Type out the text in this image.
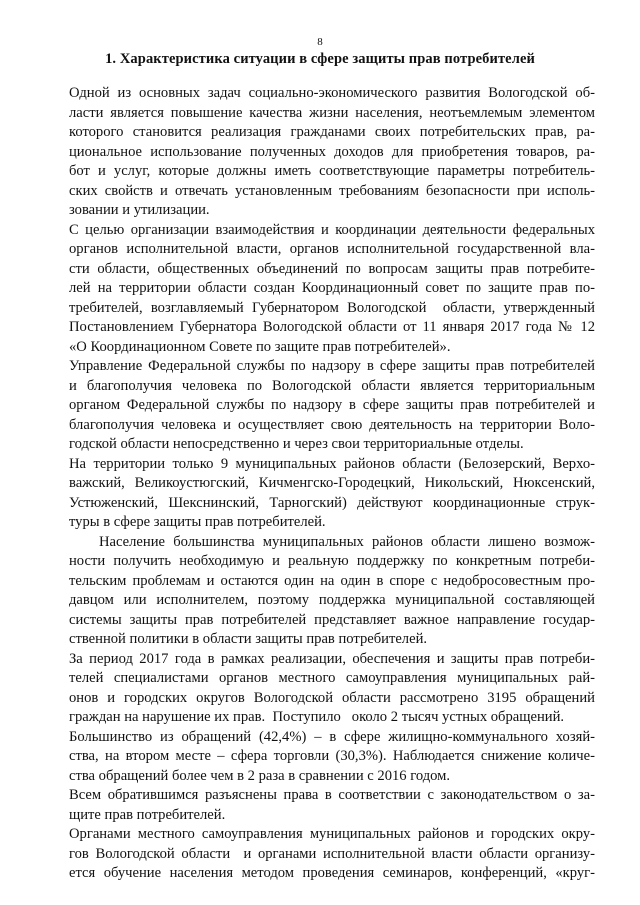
8
1. Характеристика ситуации в сфере защиты прав потребителей
Одной из основных задач социально-экономического развития Вологодской об-
ласти является повышение качества жизни населения, неотъемлемым элементом
которого становится реализация гражданами своих потребительских прав, ра-
циональное использование полученных доходов для приобретения товаров, ра-
бот и услуг, которые должны иметь соответствующие параметры потребитель-
ских свойств и отвечать установленным требованиям безопасности при исполь-
зовании и утилизации.
С целью организации взаимодействия и координации деятельности федеральных
органов исполнительной власти, органов исполнительной государственной вла-
сти области, общественных объединений по вопросам защиты прав потребите-
лей на территории области создан Координационный совет по защите прав по-
требителей, возглавляемый Губернатором Вологодской  области, утвержденный
Постановлением Губернатора Вологодской области от 11 января 2017 года № 12
«О Координационном Совете по защите прав потребителей».
Управление Федеральной службы по надзору в сфере защиты прав потребителей
и благополучия человека по Вологодской области является территориальным
органом Федеральной службы по надзору в сфере защиты прав потребителей и
благополучия человека и осуществляет свою деятельность на территории Воло-
годской области непосредственно и через свои территориальные отделы.
На территории только 9 муниципальных районов области (Белозерский, Верхо-
важский, Великоустюгский, Кичменгско-Городецкий, Никольский, Нюксенский,
Устюженский, Шекснинский, Тарногский) действуют координационные струк-
туры в сфере защиты прав потребителей.
Население большинства муниципальных районов области лишено возмож-
ности получить необходимую и реальную поддержку по конкретным потреби-
тельским проблемам и остаются один на один в споре с недобросовестным про-
давцом или исполнителем, поэтому поддержка муниципальной составляющей
системы защиты прав потребителей представляет важное направление государ-
ственной политики в области защиты прав потребителей.
За период 2017 года в рамках реализации, обеспечения и защиты прав потреби-
телей специалистами органов местного самоуправления муниципальных рай-
онов и городских округов Вологодской области рассмотрено 3195 обращений
граждан на нарушение их прав.  Поступило   около 2 тысяч устных обращений.
Большинство из обращений (42,4%) – в сфере жилищно-коммунального хозяй-
ства, на втором месте – сфера торговли (30,3%). Наблюдается снижение количе-
ства обращений более чем в 2 раза в сравнении с 2016 годом.
Всем обратившимся разъяснены права в соответствии с законодательством о за-
щите прав потребителей.
Органами местного самоуправления муниципальных районов и городских окру-
гов Вологодской области  и органами исполнительной власти области организу-
ется обучение населения методом проведения семинаров, конференций, «круг-
